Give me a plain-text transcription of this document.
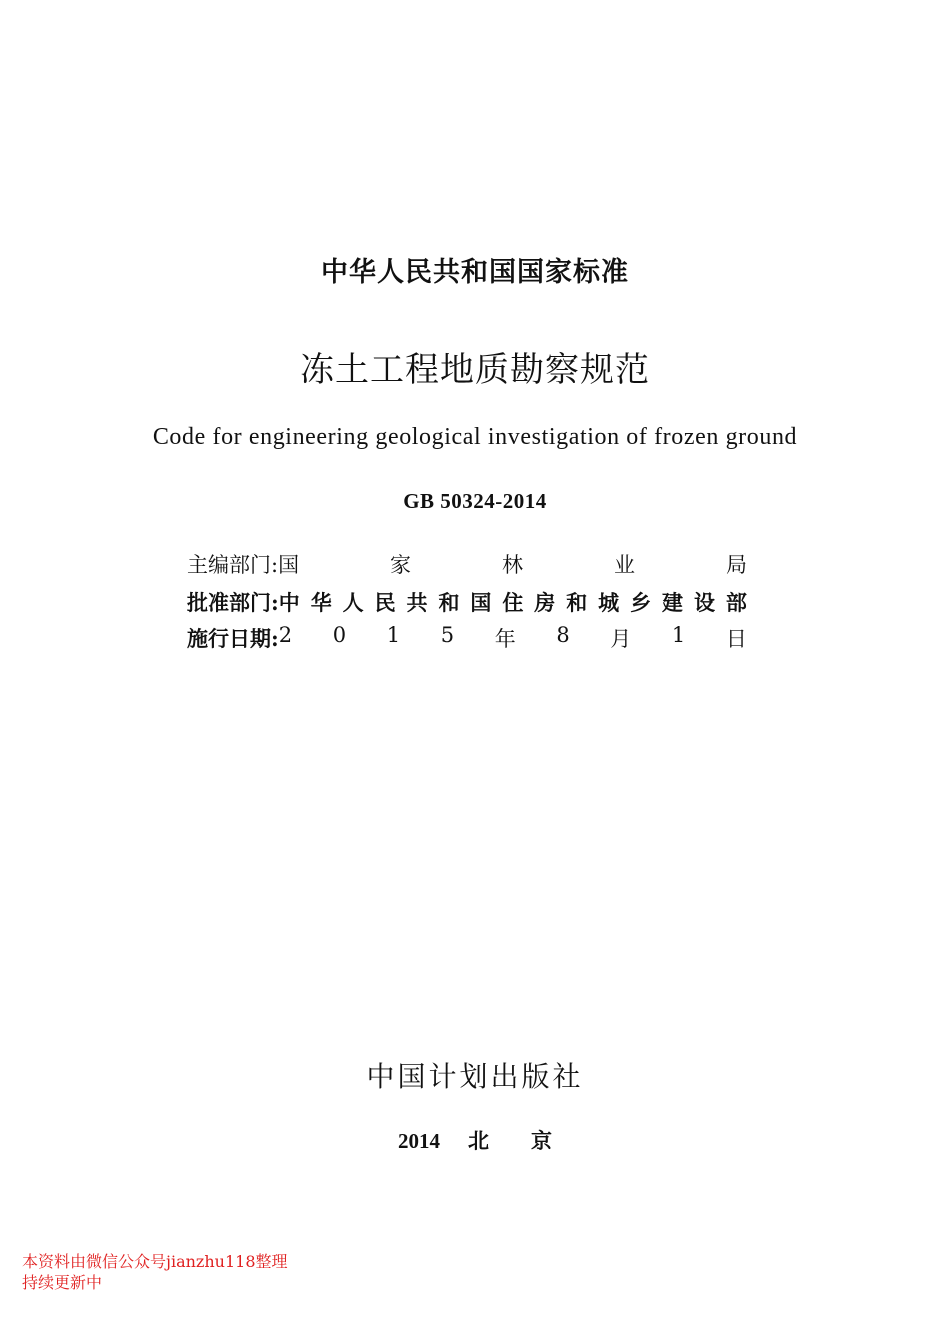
中华人民共和国国家标准
冻土工程地质勘察规范
Code for engineering geological investigation of frozen ground
GB 50324-2014
主编部门: 国	家	林	业	局
批准部门: 中 华 人 民 共 和 国 住 房 和 城 乡 建 设 部
施行日期: 2 0 1 5 年 8 月 1 日
中国计划出版社
2014 北 京
本资料由微信公众号jianzhu118整理
持续更新中
